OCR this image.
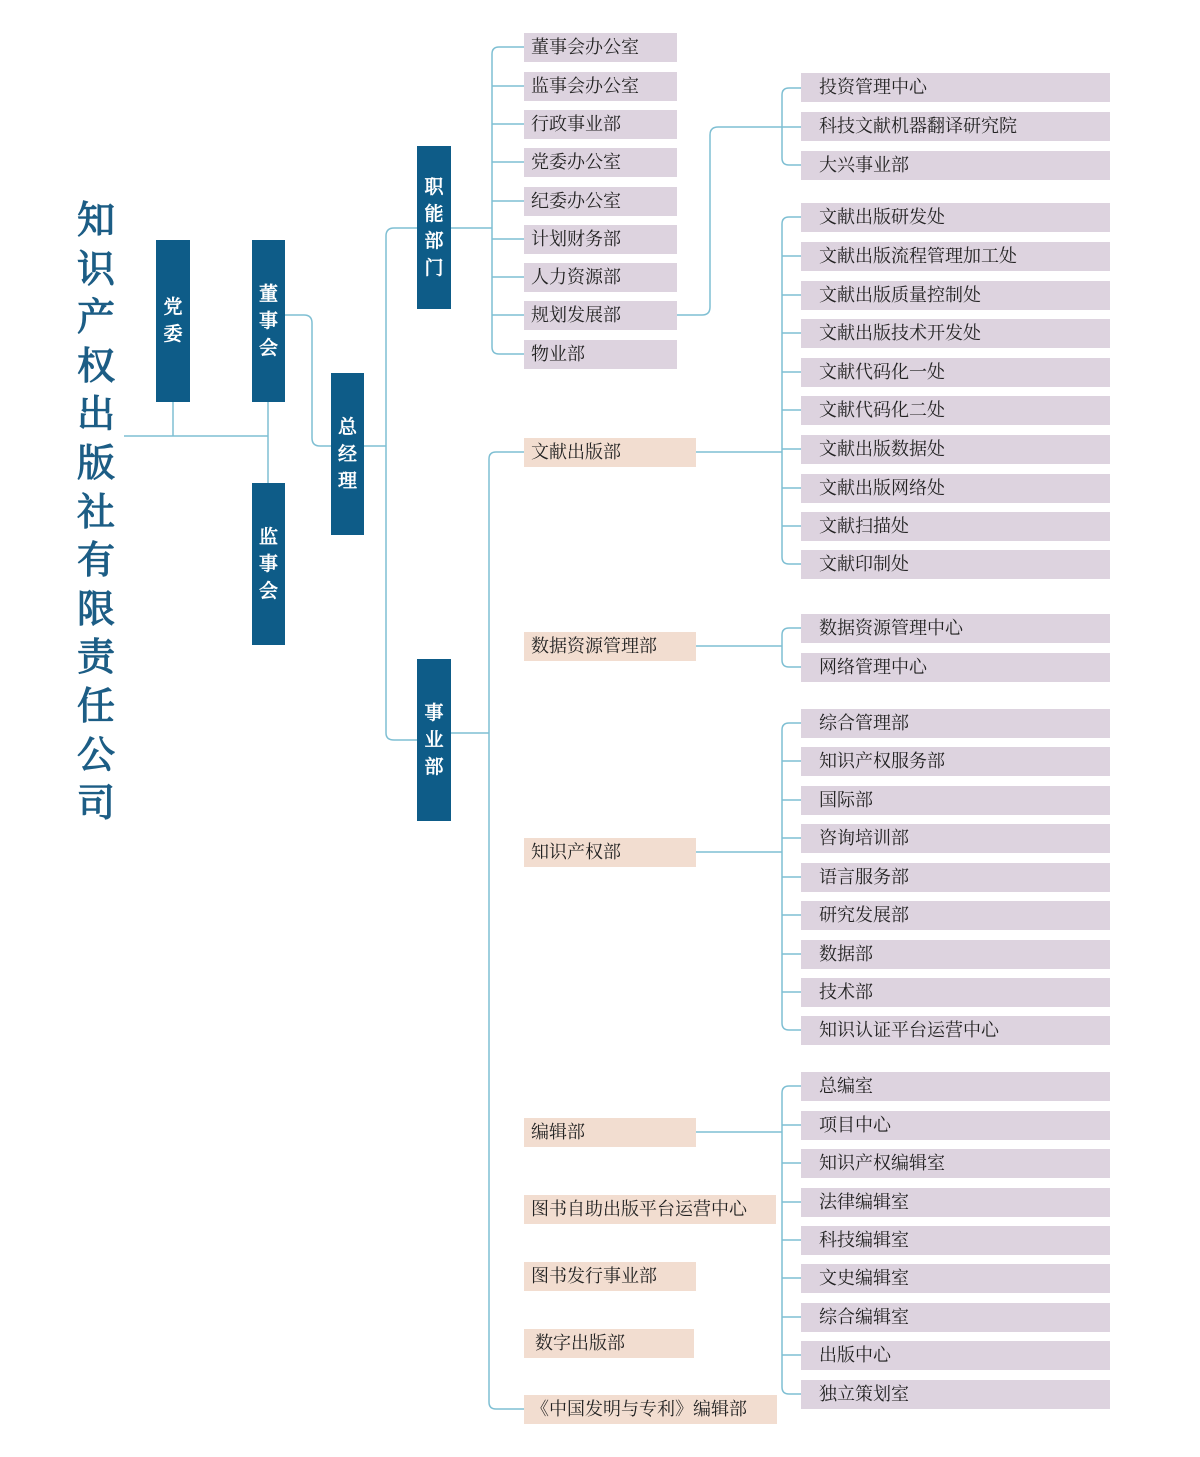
知识产权出版社有限责任公司
党委
董事会
监事会
总经理
职能部门
事业部
董事会办公室
监事会办公室
行政事业部
党委办公室
纪委办公室
计划财务部
人力资源部
规划发展部
物业部
投资管理中心
科技文献机器翻译研究院
大兴事业部
文献出版部
数据资源管理部
知识产权部
编辑部
图书自助出版平台运营中心
图书发行事业部
数字出版部
《中国发明与专利》编辑部
文献出版研发处
文献出版流程管理加工处
文献出版质量控制处
文献出版技术开发处
文献代码化一处
文献代码化二处
文献出版数据处
文献出版网络处
文献扫描处
文献印制处
数据资源管理中心
网络管理中心
综合管理部
知识产权服务部
国际部
咨询培训部
语言服务部
研究发展部
数据部
技术部
知识认证平台运营中心
总编室
项目中心
知识产权编辑室
法律编辑室
科技编辑室
文史编辑室
综合编辑室
出版中心
独立策划室
